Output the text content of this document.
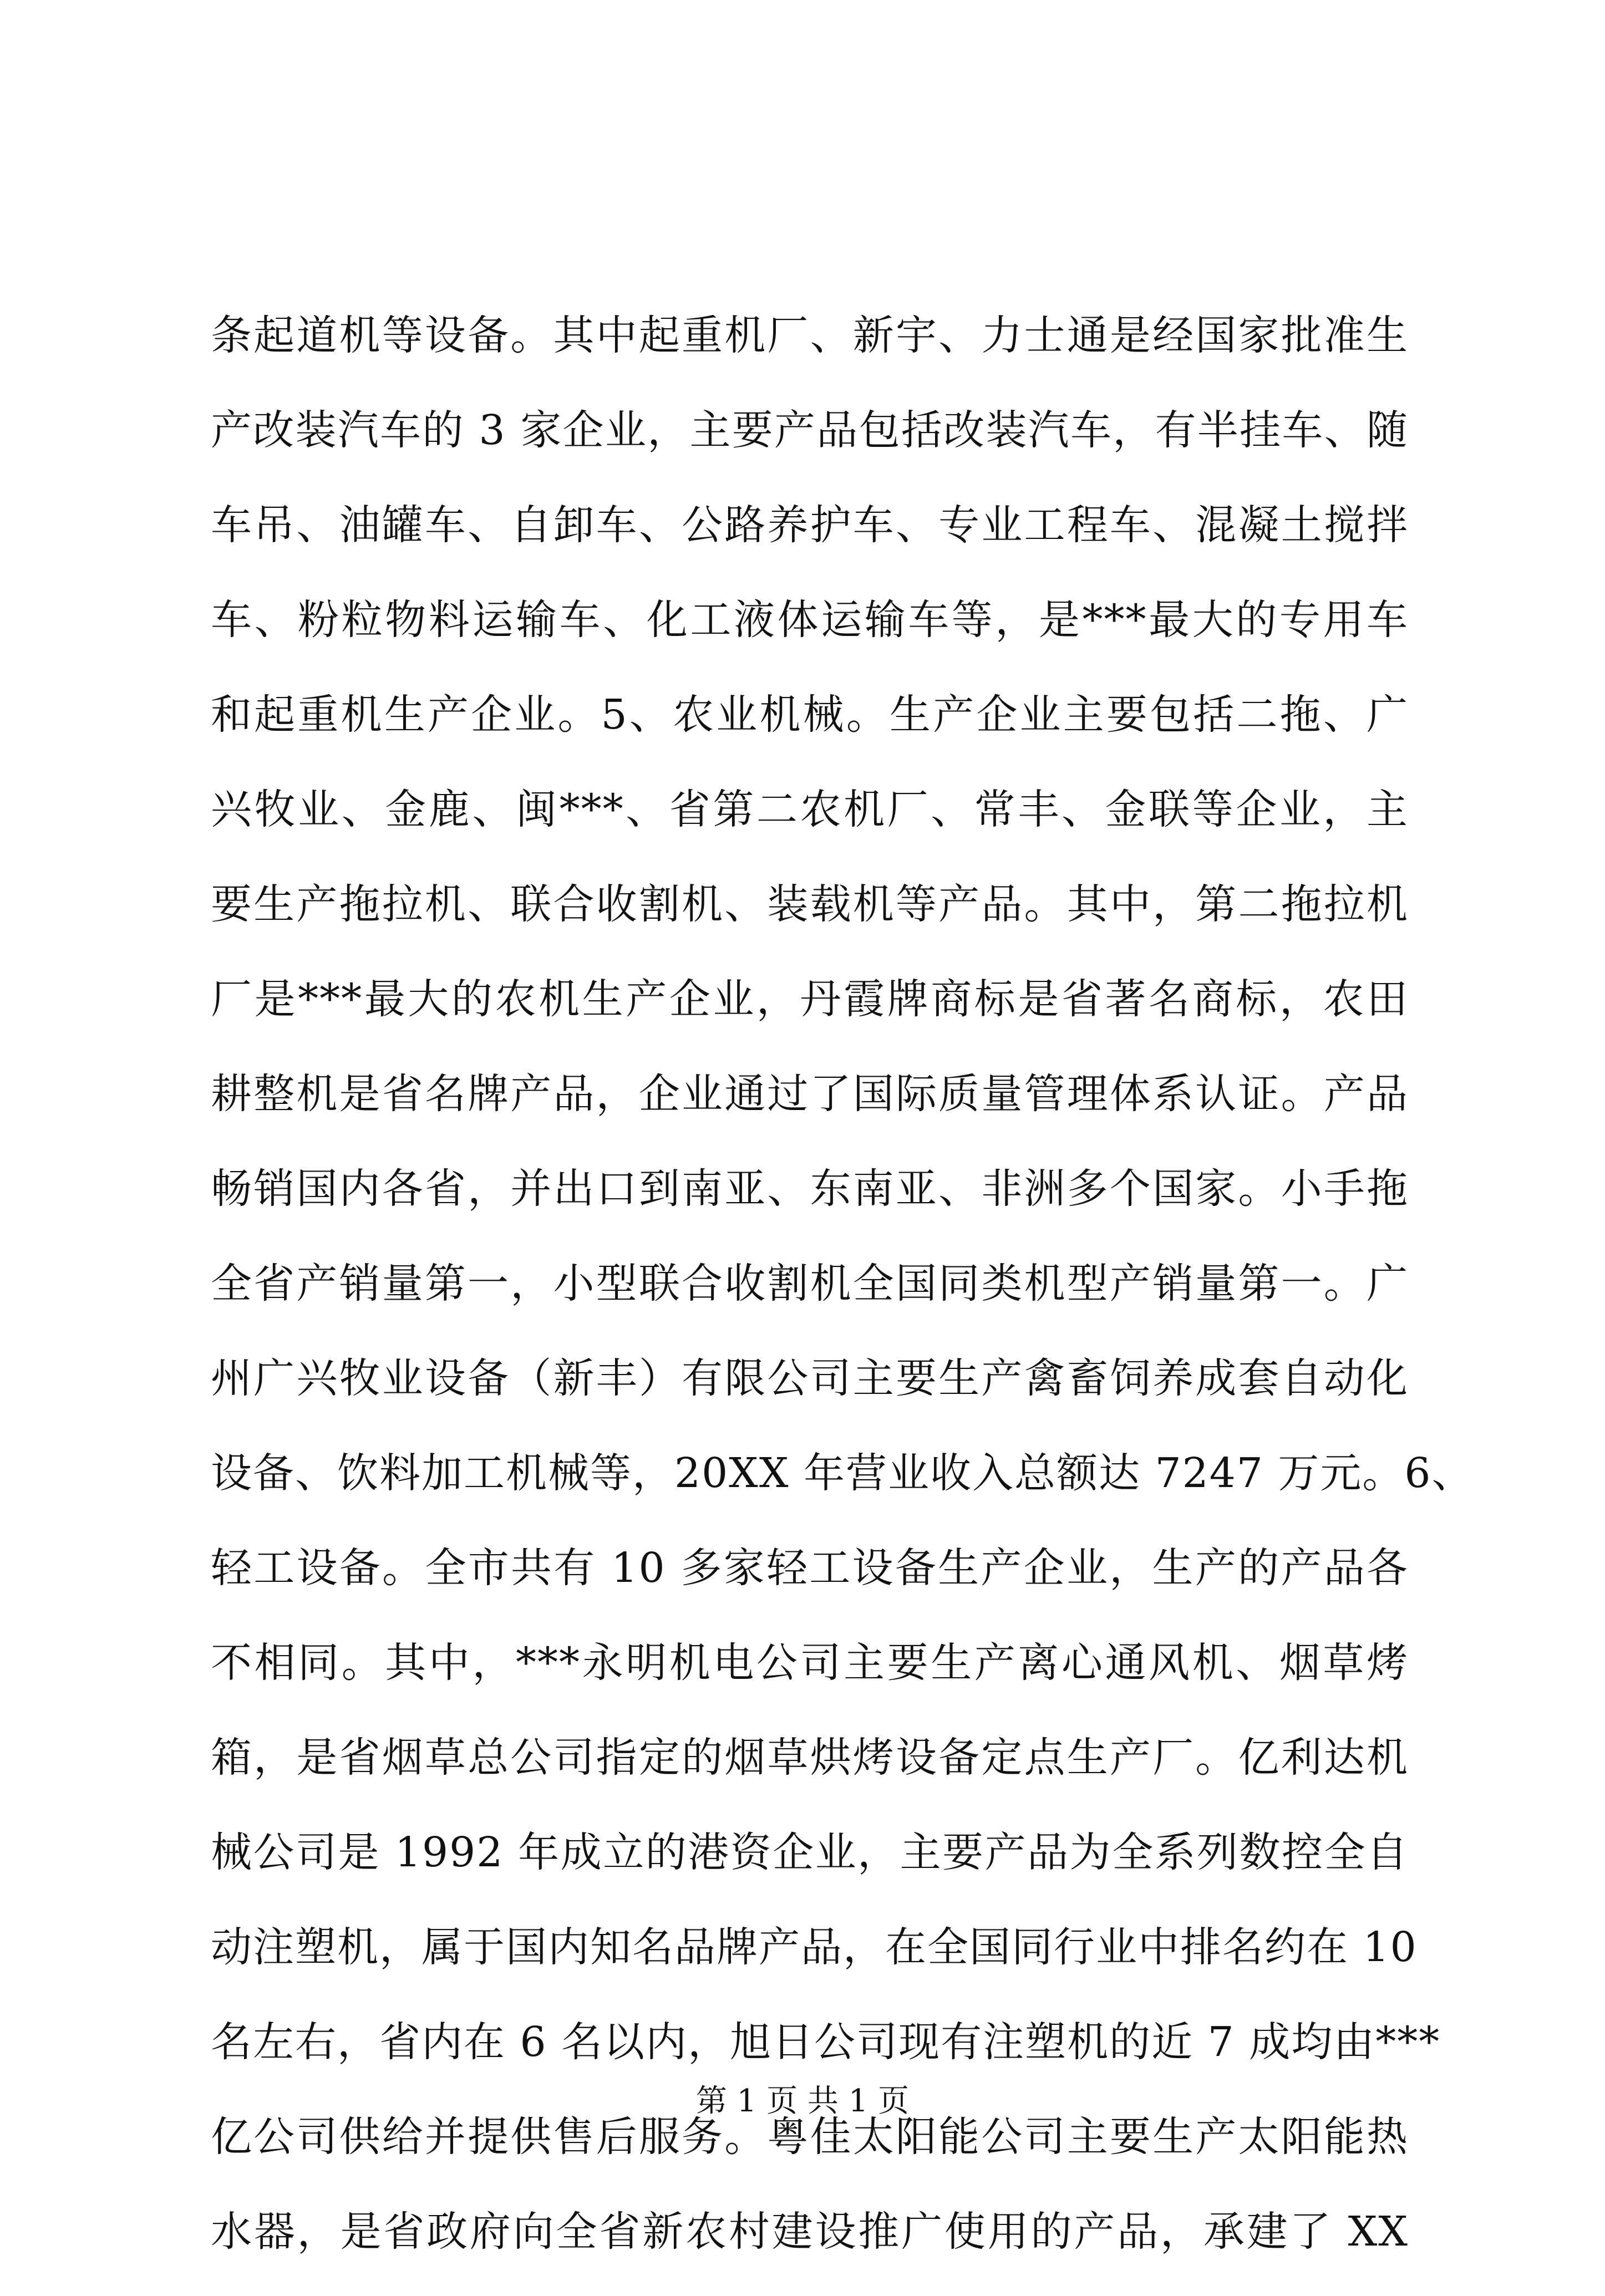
条起道机等设备。其中起重机厂、新宇、力士通是经国家批准生
产改装汽车的 3 家企业，主要产品包括改装汽车，有半挂车、随
车吊、油罐车、自卸车、公路养护车、专业工程车、混凝土搅拌
车、粉粒物料运输车、化工液体运输车等，是***最大的专用车
和起重机生产企业。5、农业机械。生产企业主要包括二拖、广
兴牧业、金鹿、闽***、省第二农机厂、常丰、金联等企业，主
要生产拖拉机、联合收割机、装载机等产品。其中，第二拖拉机
厂是***最大的农机生产企业，丹霞牌商标是省著名商标，农田
耕整机是省名牌产品，企业通过了国际质量管理体系认证。产品
畅销国内各省，并出口到南亚、东南亚、非洲多个国家。小手拖
全省产销量第一，小型联合收割机全国同类机型产销量第一。广
州广兴牧业设备（新丰）有限公司主要生产禽畜饲养成套自动化
设备、饮料加工机械等，20XX 年营业收入总额达 7247 万元。6、
轻工设备。全市共有 10 多家轻工设备生产企业，生产的产品各
不相同。其中，***永明机电公司主要生产离心通风机、烟草烤
箱，是省烟草总公司指定的烟草烘烤设备定点生产厂。亿利达机
械公司是 1992 年成立的港资企业，主要产品为全系列数控全自
动注塑机，属于国内知名品牌产品，在全国同行业中排名约在 10
名左右，省内在 6 名以内，旭日公司现有注塑机的近 7 成均由***
亿公司供给并提供售后服务。粤佳太阳能公司主要生产太阳能热
水器，是省政府向全省新农村建设推广使用的产品，承建了 XX
第 1 页 共 1 页
